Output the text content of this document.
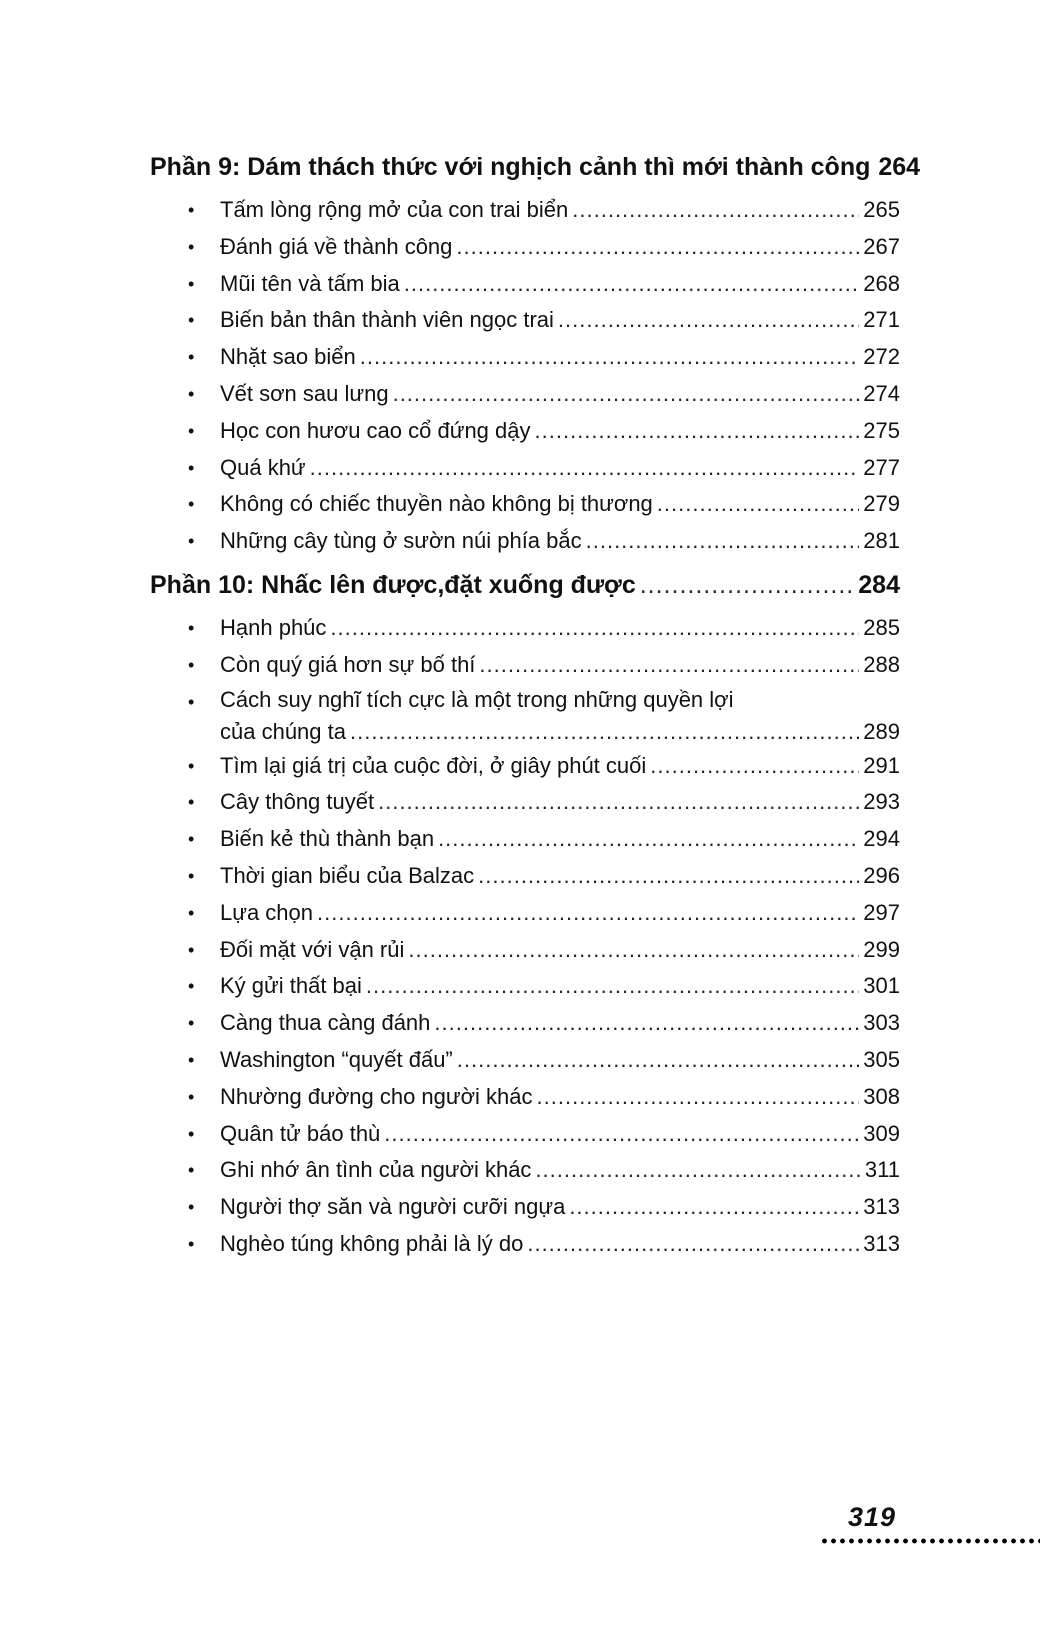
Phần 9: Dám thách thức với nghịch cảnh thì mới thành công 264
• Tấm lòng rộng mở của con trai biển .....	265
• Đánh giá về thành công .....	267
• Mũi tên và tấm bia .....	268
• Biến bản thân thành viên ngọc trai .....	271
• Nhặt sao biển .....	272
• Vết sơn sau lưng .....	274
• Học con hươu cao cổ đứng dậy .....	275
• Quá khứ .....	277
• Không có chiếc thuyền nào không bị thương .....	279
• Những cây tùng ở sườn núi phía bắc .....	281
Phần 10: Nhấc lên được,đặt xuống được .....	284
• Hạnh phúc .....	285
• Còn quý giá hơn sự bố thí .....	288
• Cách suy nghĩ tích cực là một trong những quyền lợi
của chúng ta .....	289
• Tìm lại giá trị của cuộc đời, ở giây phút cuối .....	291
• Cây thông tuyết .....	293
• Biến kẻ thù thành bạn .....	294
• Thời gian biểu của Balzac .....	296
• Lựa chọn .....	297
• Đối mặt với vận rủi .....	299
• Ký gửi thất bại .....	301
• Càng thua càng đánh .....	303
• Washington “quyết đấu” .....	305
• Nhường đường cho người khác .....	308
• Quân tử báo thù .....	309
• Ghi nhớ ân tình của người khác .....	311
• Người thợ săn và người cưỡi ngựa .....	313
• Nghèo túng không phải là lý do .....	313
319
